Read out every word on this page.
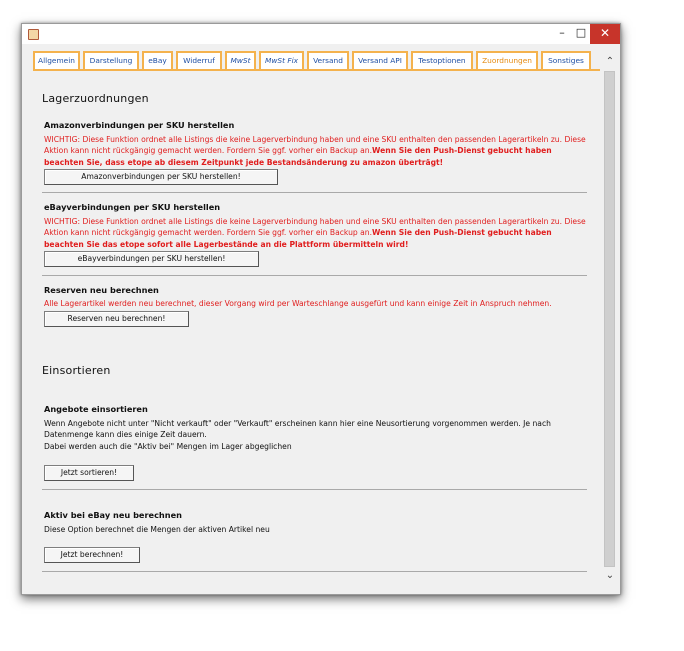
–	□	✕
Allgemein	Darstellung	eBay	Widerruf	MwSt	MwSt Fix	Versand	Versand API	Testoptionen	Zuordnungen	Sonstiges
Lagerzuordnungen
Amazonverbindungen per SKU herstellen
WICHTIG: Diese Funktion ordnet alle Listings die keine Lagerverbindung haben und eine SKU enthalten den passenden Lagerartikeln zu. Diese Aktion kann nicht rückgängig gemacht werden. Fordern Sie ggf. vorher ein Backup an.Wenn Sie den Push-Dienst gebucht haben beachten Sie, dass etope ab diesem Zeitpunkt jede Bestandsänderung zu amazon überträgt!
Amazonverbindungen per SKU herstellen!
eBayverbindungen per SKU herstellen
WICHTIG: Diese Funktion ordnet alle Listings die keine Lagerverbindung haben und eine SKU enthalten den passenden Lagerartikeln zu. Diese Aktion kann nicht rückgängig gemacht werden. Fordern Sie ggf. vorher ein Backup an.Wenn Sie den Push-Dienst gebucht haben beachten Sie das etope sofort alle Lagerbestände an die Plattform übermitteln wird!
eBayverbindungen per SKU herstellen!
Reserven neu berechnen
Alle Lagerartikel werden neu berechnet, dieser Vorgang wird per Warteschlange ausgefürt und kann einige Zeit in Anspruch nehmen.
Reserven neu berechnen!
Einsortieren
Angebote einsortieren
Wenn Angebote nicht unter "Nicht verkauft" oder "Verkauft" erscheinen kann hier eine Neusortierung vorgenommen werden. Je nach Datenmenge kann dies einige Zeit dauern.
Dabei werden auch die "Aktiv bei" Mengen im Lager abgeglichen
Jetzt sortieren!
Aktiv bei eBay neu berechnen
Diese Option berechnet die Mengen der aktiven Artikel neu
Jetzt berechnen!
⌃
⌄
